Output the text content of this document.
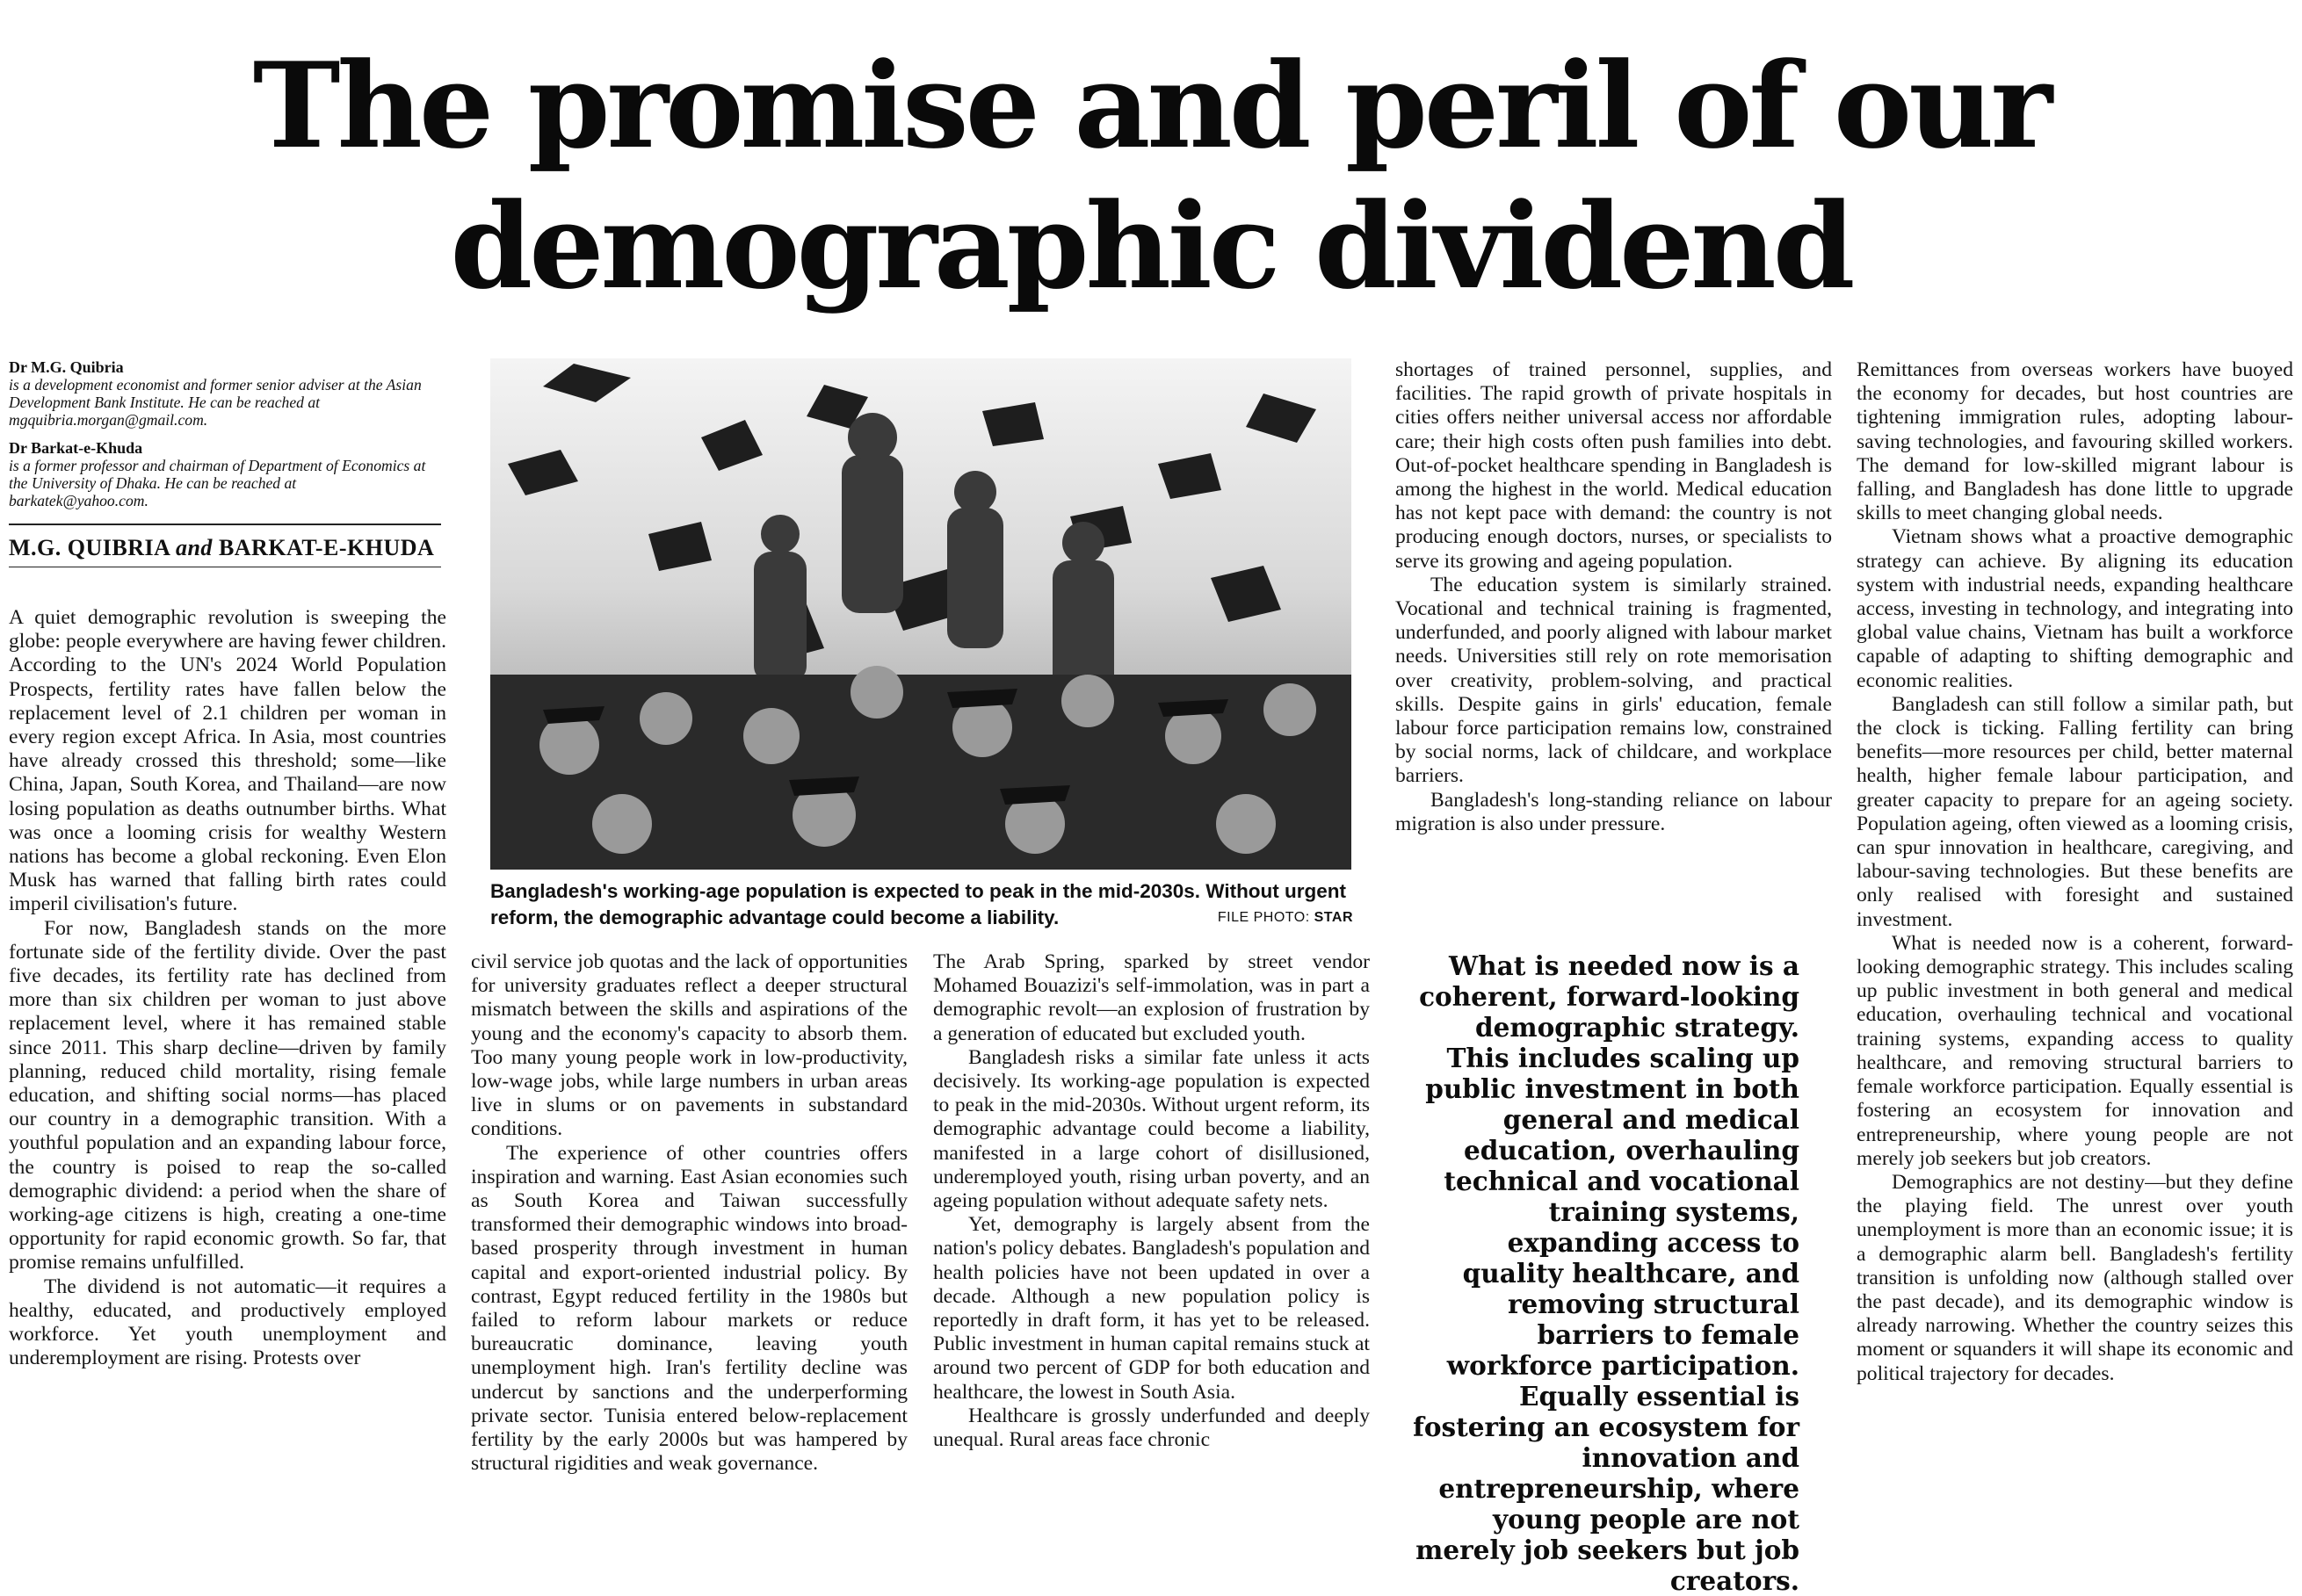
The promise and peril of our
demographic dividend
Dr M.G. Quibria
is a development economist and former senior adviser at the Asian Development Bank Institute. He can be reached at mgquibria.morgan@gmail.com.
Dr Barkat-e-Khuda
is a former professor and chairman of Department of Economics at the University of Dhaka. He can be reached at barkatek@yahoo.com.
M.G. QUIBRIA and BARKAT-E-KHUDA

A quiet demographic revolution is sweeping the globe: people everywhere are having fewer children. According to the UN's 2024 World Population Prospects, fertility rates have fallen below the replacement level of 2.1 children per woman in every region except Africa. In Asia, most countries have already crossed this threshold; some—like China, Japan, South Korea, and Thailand—are now losing population as deaths outnumber births. What was once a looming crisis for wealthy Western nations has become a global reckoning. Even Elon Musk has warned that falling birth rates could imperil civilisation's future.

For now, Bangladesh stands on the more fortunate side of the fertility divide. Over the past five decades, its fertility rate has declined from more than six children per woman to just above replacement level, where it has remained stable since 2011. This sharp decline—driven by family planning, reduced child mortality, rising female education, and shifting social norms—has placed our country in a demographic transition. With a youthful population and an expanding labour force, the country is poised to reap the so-called demographic dividend: a period when the share of working-age citizens is high, creating a one-time opportunity for rapid economic growth. So far, that promise remains unfulfilled.

The dividend is not automatic—it requires a healthy, educated, and productively employed workforce. Yet youth unemployment and underemployment are rising. Protests over

Bangladesh's working-age population is expected to peak in the mid-2030s. Without urgent reform, the demographic advantage could become a liability.	FILE PHOTO: STAR

civil service job quotas and the lack of opportunities for university graduates reflect a deeper structural mismatch between the skills and aspirations of the young and the economy's capacity to absorb them. Too many young people work in low-productivity, low-wage jobs, while large numbers in urban areas live in slums or on pavements in substandard conditions.

The experience of other countries offers inspiration and warning. East Asian economies such as South Korea and Taiwan successfully transformed their demographic windows into broad-based prosperity through investment in human capital and export-oriented industrial policy. By contrast, Egypt reduced fertility in the 1980s but failed to reform labour markets or reduce bureaucratic dominance, leaving youth unemployment high. Iran's fertility decline was undercut by sanctions and the underperforming private sector. Tunisia entered below-replacement fertility by the early 2000s but was hampered by structural rigidities and weak governance.

The Arab Spring, sparked by street vendor Mohamed Bouazizi's self-immolation, was in part a demographic revolt—an explosion of frustration by a generation of educated but excluded youth.

Bangladesh risks a similar fate unless it acts decisively. Its working-age population is expected to peak in the mid-2030s. Without urgent reform, its demographic advantage could become a liability, manifested in a large cohort of disillusioned, underemployed youth, rising urban poverty, and an ageing population without adequate safety nets.

Yet, demography is largely absent from the nation's policy debates. Bangladesh's population and health policies have not been updated in over a decade. Although a new population policy is reportedly in draft form, it has yet to be released. Public investment in human capital remains stuck at around two percent of GDP for both education and healthcare, the lowest in South Asia.

Healthcare is grossly underfunded and deeply unequal. Rural areas face chronic

shortages of trained personnel, supplies, and facilities. The rapid growth of private hospitals in cities offers neither universal access nor affordable care; their high costs often push families into debt. Out-of-pocket healthcare spending in Bangladesh is among the highest in the world. Medical education has not kept pace with demand: the country is not producing enough doctors, nurses, or specialists to serve its growing and ageing population.

The education system is similarly strained. Vocational and technical training is fragmented, underfunded, and poorly aligned with labour market needs. Universities still rely on rote memorisation over creativity, problem-solving, and practical skills. Despite gains in girls' education, female labour force participation remains low, constrained by social norms, lack of childcare, and workplace barriers.

Bangladesh's long-standing reliance on labour migration is also under pressure.

What is needed now is a coherent, forward-looking demographic strategy. This includes scaling up public investment in both general and medical education, overhauling technical and vocational training systems, expanding access to quality healthcare, and removing structural barriers to female workforce participation. Equally essential is fostering an ecosystem for innovation and entrepreneurship, where young people are not merely job seekers but job creators.

Remittances from overseas workers have buoyed the economy for decades, but host countries are tightening immigration rules, adopting labour-saving technologies, and favouring skilled workers. The demand for low-skilled migrant labour is falling, and Bangladesh has done little to upgrade skills to meet changing global needs.

Vietnam shows what a proactive demographic strategy can achieve. By aligning its education system with industrial needs, expanding healthcare access, investing in technology, and integrating into global value chains, Vietnam has built a workforce capable of adapting to shifting demographic and economic realities.

Bangladesh can still follow a similar path, but the clock is ticking. Falling fertility can bring benefits—more resources per child, better maternal health, higher female labour participation, and greater capacity to prepare for an ageing society. Population ageing, often viewed as a looming crisis, can spur innovation in healthcare, caregiving, and labour-saving technologies. But these benefits are only realised with foresight and sustained investment.

What is needed now is a coherent, forward-looking demographic strategy. This includes scaling up public investment in both general and medical education, overhauling technical and vocational training systems, expanding access to quality healthcare, and removing structural barriers to female workforce participation. Equally essential is fostering an ecosystem for innovation and entrepreneurship, where young people are not merely job seekers but job creators.

Demographics are not destiny—but they define the playing field. The unrest over youth unemployment is more than an economic issue; it is a demographic alarm bell. Bangladesh's fertility transition is unfolding now (although stalled over the past decade), and its demographic window is already narrowing. Whether the country seizes this moment or squanders it will shape its economic and political trajectory for decades.
